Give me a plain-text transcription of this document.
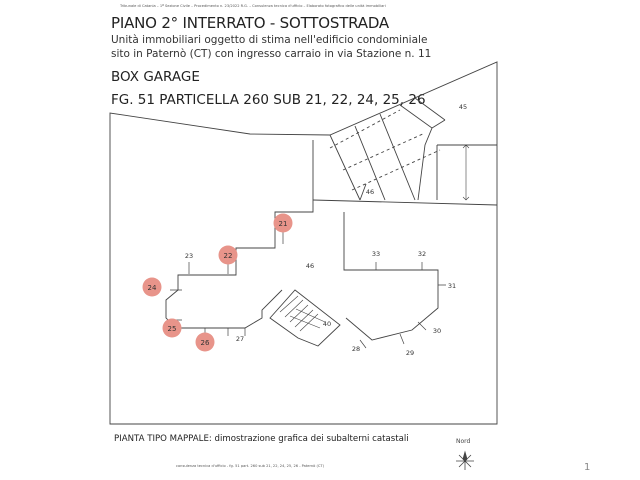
Tribunale di Catania – 1ª Sezione Civile – Procedimento n. 23/2022 R.G. – Consulenza tecnica d'ufficio – Elaborato fotografico delle unità immobiliari
PIANO 2° INTERRATO - SOTTOSTRADA
Unità immobiliari oggetto di stima nell'edificio condominiale
sito in Paternò (CT) con ingresso carraio in via Stazione n. 11
BOX GARAGE
FG. 51 PARTICELLA 260 SUB 21, 22, 24, 25, 26
21
22
23
24
25
26	27
28	29
30
31
32
33
40
45
46
46
PIANTA TIPO MAPPALE: dimostrazione grafica dei subalterni catastali	Nord
consulenza tecnica d'ufficio - fg. 51 part. 260 sub 21, 22, 24, 25, 26 - Paternò (CT)	1
